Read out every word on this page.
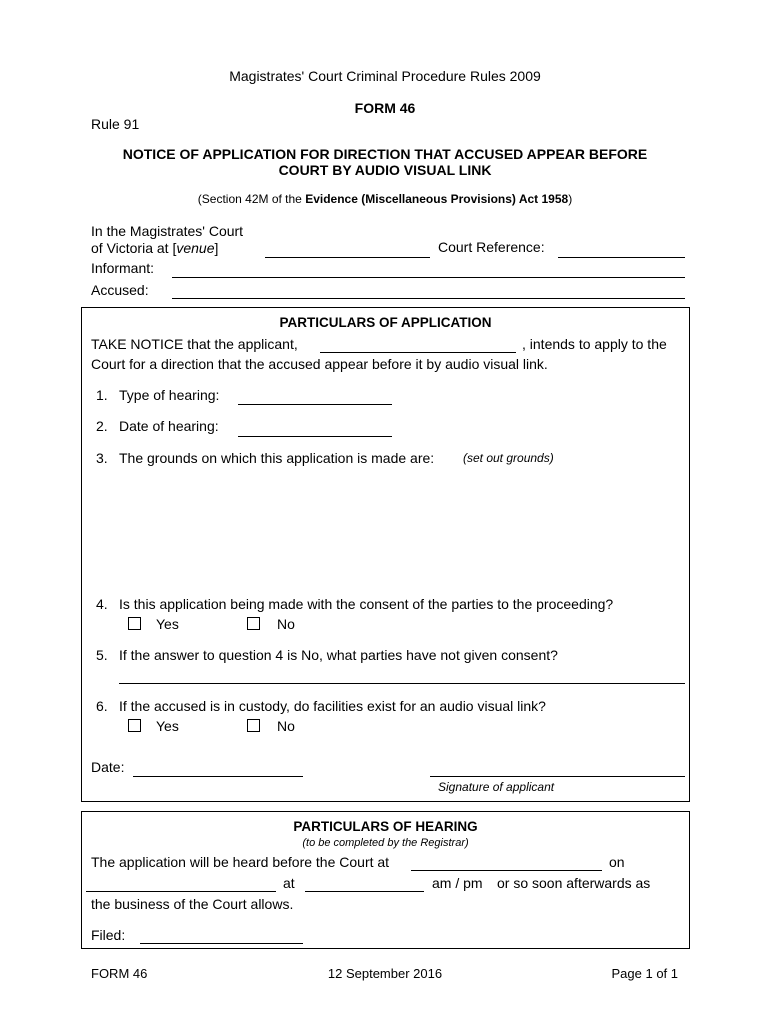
Magistrates' Court Criminal Procedure Rules 2009
FORM 46
Rule 91
NOTICE OF APPLICATION FOR DIRECTION THAT ACCUSED APPEAR BEFORE
COURT BY AUDIO VISUAL LINK
(Section 42M of the Evidence (Miscellaneous Provisions) Act 1958)
In the Magistrates' Court
of Victoria at [venue]	Court Reference:
Informant:
Accused:
PARTICULARS OF APPLICATION
TAKE NOTICE that the applicant,	, intends to apply to the
Court for a direction that the accused appear before it by audio visual link.
1. Type of hearing:
2. Date of hearing:
3. The grounds on which this application is made are: (set out grounds)
4. Is this application being made with the consent of the parties to the proceeding?
Yes	No
5. If the answer to question 4 is No, what parties have not given consent?
6. If the accused is in custody, do facilities exist for an audio visual link?
Yes	No
Date:
Signature of applicant
PARTICULARS OF HEARING
(to be completed by the Registrar)
The application will be heard before the Court at	on
at	am / pm or so soon afterwards as
the business of the Court allows.
Filed:
FORM 46	12 September 2016	Page 1 of 1
